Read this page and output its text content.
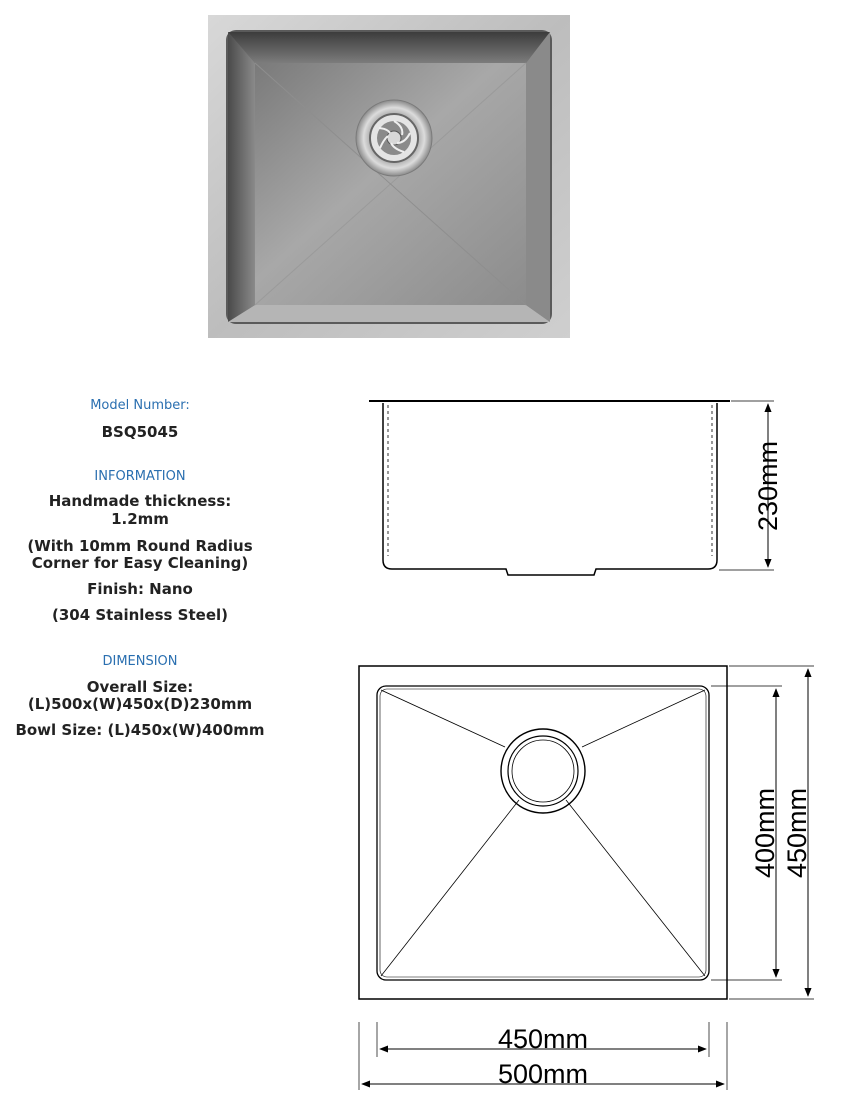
Model Number:
BSQ5045
INFORMATION
Handmade thickness:
1.2mm
(With 10mm Round Radius
Corner for Easy Cleaning)
Finish: Nano
(304 Stainless Steel)
DIMENSION
Overall Size:
(L)500x(W)450x(D)230mm
Bowl Size: (L)450x(W)400mm
230mm
400mm 450mm
450mm
500mm
